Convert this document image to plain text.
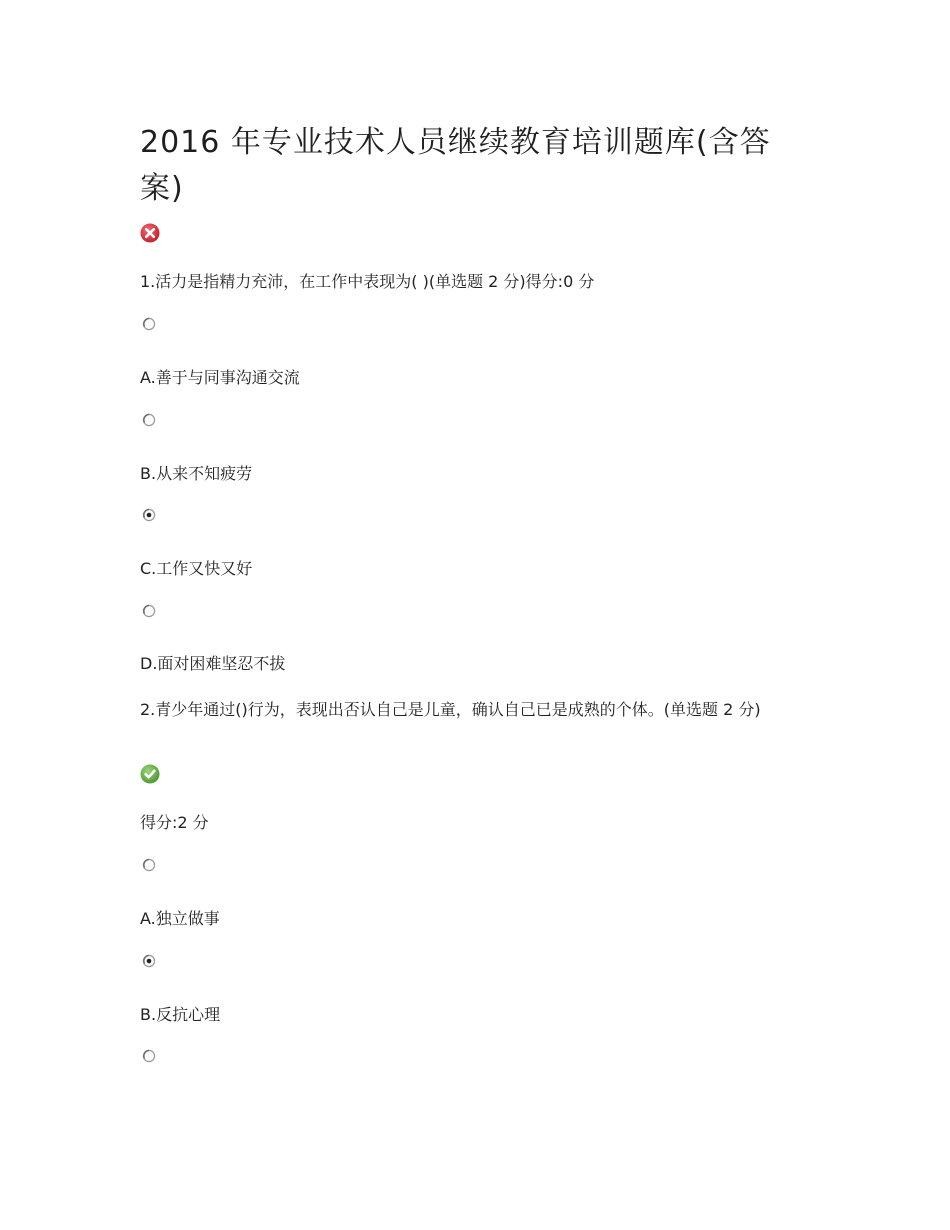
2016 年专业技术人员继续教育培训题库(含答案)
1.活力是指精力充沛，在工作中表现为( )(单选题 2 分)得分:0 分
A.善于与同事沟通交流
B.从来不知疲劳
C.工作又快又好
D.面对困难坚忍不拔
2.青少年通过()行为，表现出否认自己是儿童，确认自己已是成熟的个体。(单选题 2 分)
得分:2 分
A.独立做事
B.反抗心理
